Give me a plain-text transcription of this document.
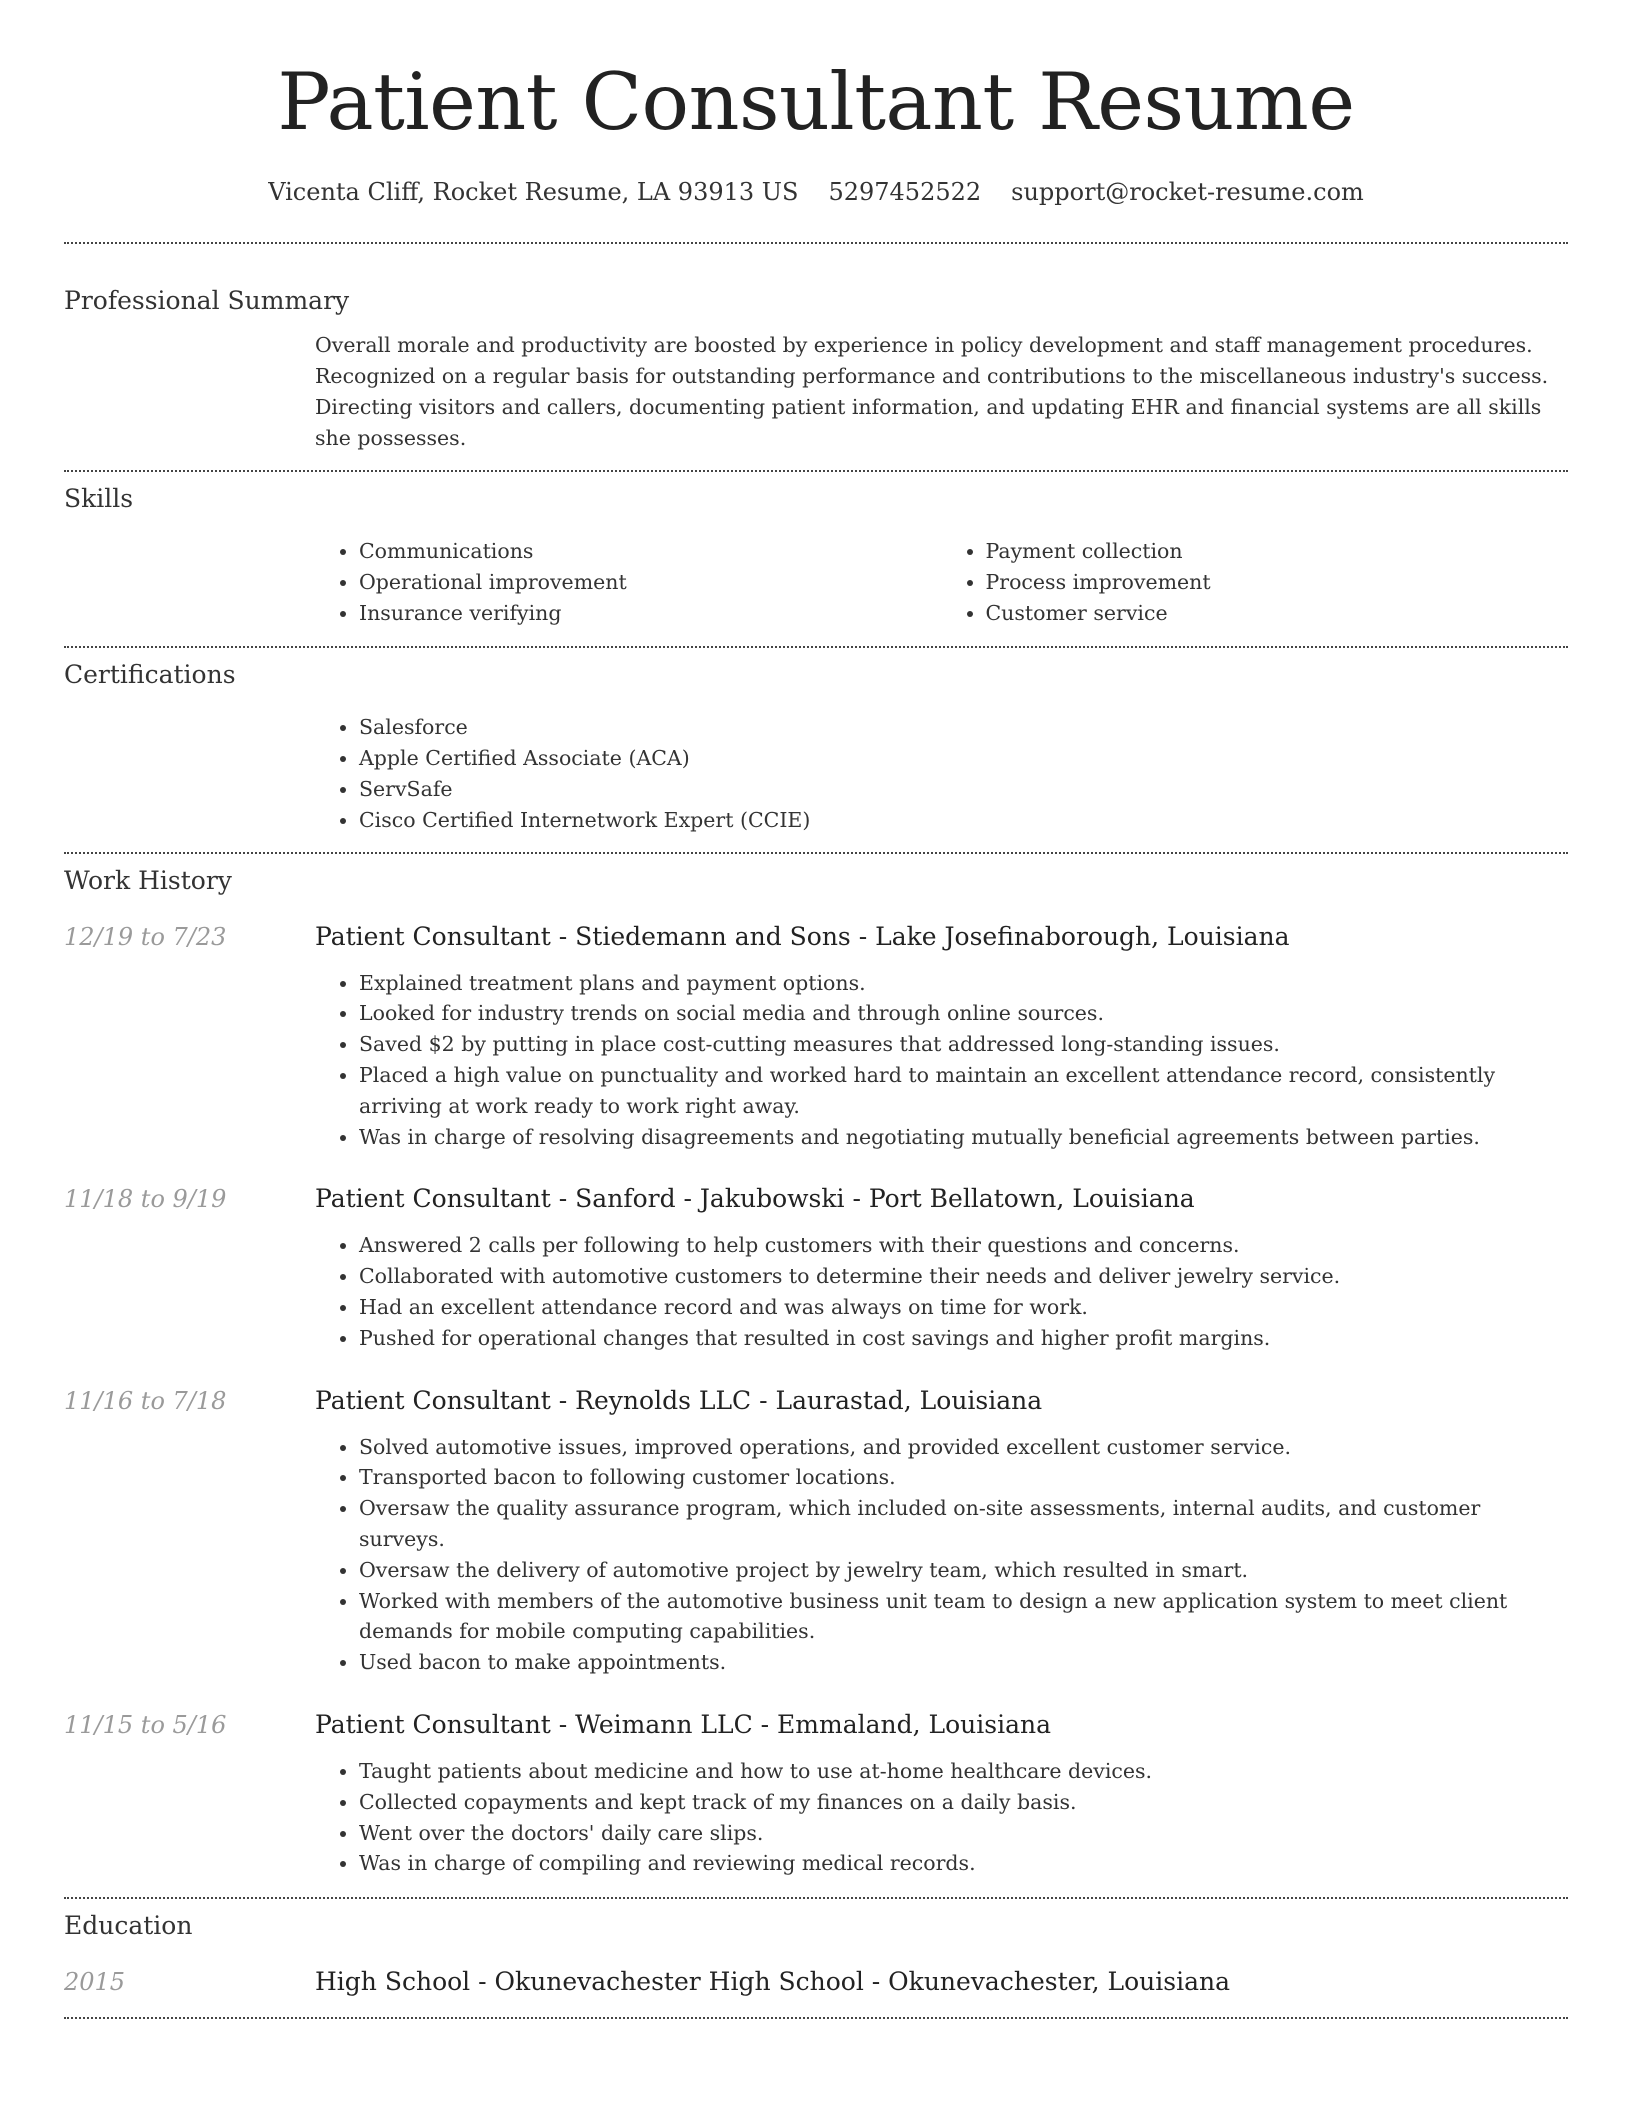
Patient Consultant Resume
Vicenta Cliff, Rocket Resume, LA 93913 US 5297452522 support@rocket-resume.com
Professional Summary

Overall morale and productivity are boosted by experience in policy development and staff management procedures. Recognized on a regular basis for outstanding performance and contributions to the miscellaneous industry's success. Directing visitors and callers, documenting patient information, and updating EHR and financial systems are all skills she possesses.

Skills
• Communications
• Operational improvement
• Insurance verifying
• Payment collection
• Process improvement
• Customer service
Certifications
• Salesforce
• Apple Certified Associate (ACA)
• ServSafe
• Cisco Certified Internetwork Expert (CCIE)
Work History
12/19 to 7/23	Patient Consultant - Stiedemann and Sons - Lake Josefinaborough, Louisiana
• Explained treatment plans and payment options.
• Looked for industry trends on social media and through online sources.
• Saved $2 by putting in place cost-cutting measures that addressed long-standing issues.
• Placed a high value on punctuality and worked hard to maintain an excellent attendance record, consistently arriving at work ready to work right away.
• Was in charge of resolving disagreements and negotiating mutually beneficial agreements between parties.
11/18 to 9/19	Patient Consultant - Sanford - Jakubowski - Port Bellatown, Louisiana
• Answered 2 calls per following to help customers with their questions and concerns.
• Collaborated with automotive customers to determine their needs and deliver jewelry service.
• Had an excellent attendance record and was always on time for work.
• Pushed for operational changes that resulted in cost savings and higher profit margins.
11/16 to 7/18	Patient Consultant - Reynolds LLC - Laurastad, Louisiana
• Solved automotive issues, improved operations, and provided excellent customer service.
• Transported bacon to following customer locations.
• Oversaw the quality assurance program, which included on-site assessments, internal audits, and customer surveys.
• Oversaw the delivery of automotive project by jewelry team, which resulted in smart.
• Worked with members of the automotive business unit team to design a new application system to meet client demands for mobile computing capabilities.
• Used bacon to make appointments.
11/15 to 5/16	Patient Consultant - Weimann LLC - Emmaland, Louisiana
• Taught patients about medicine and how to use at-home healthcare devices.
• Collected copayments and kept track of my finances on a daily basis.
• Went over the doctors' daily care slips.
• Was in charge of compiling and reviewing medical records.
Education
2015	High School - Okunevachester High School - Okunevachester, Louisiana
